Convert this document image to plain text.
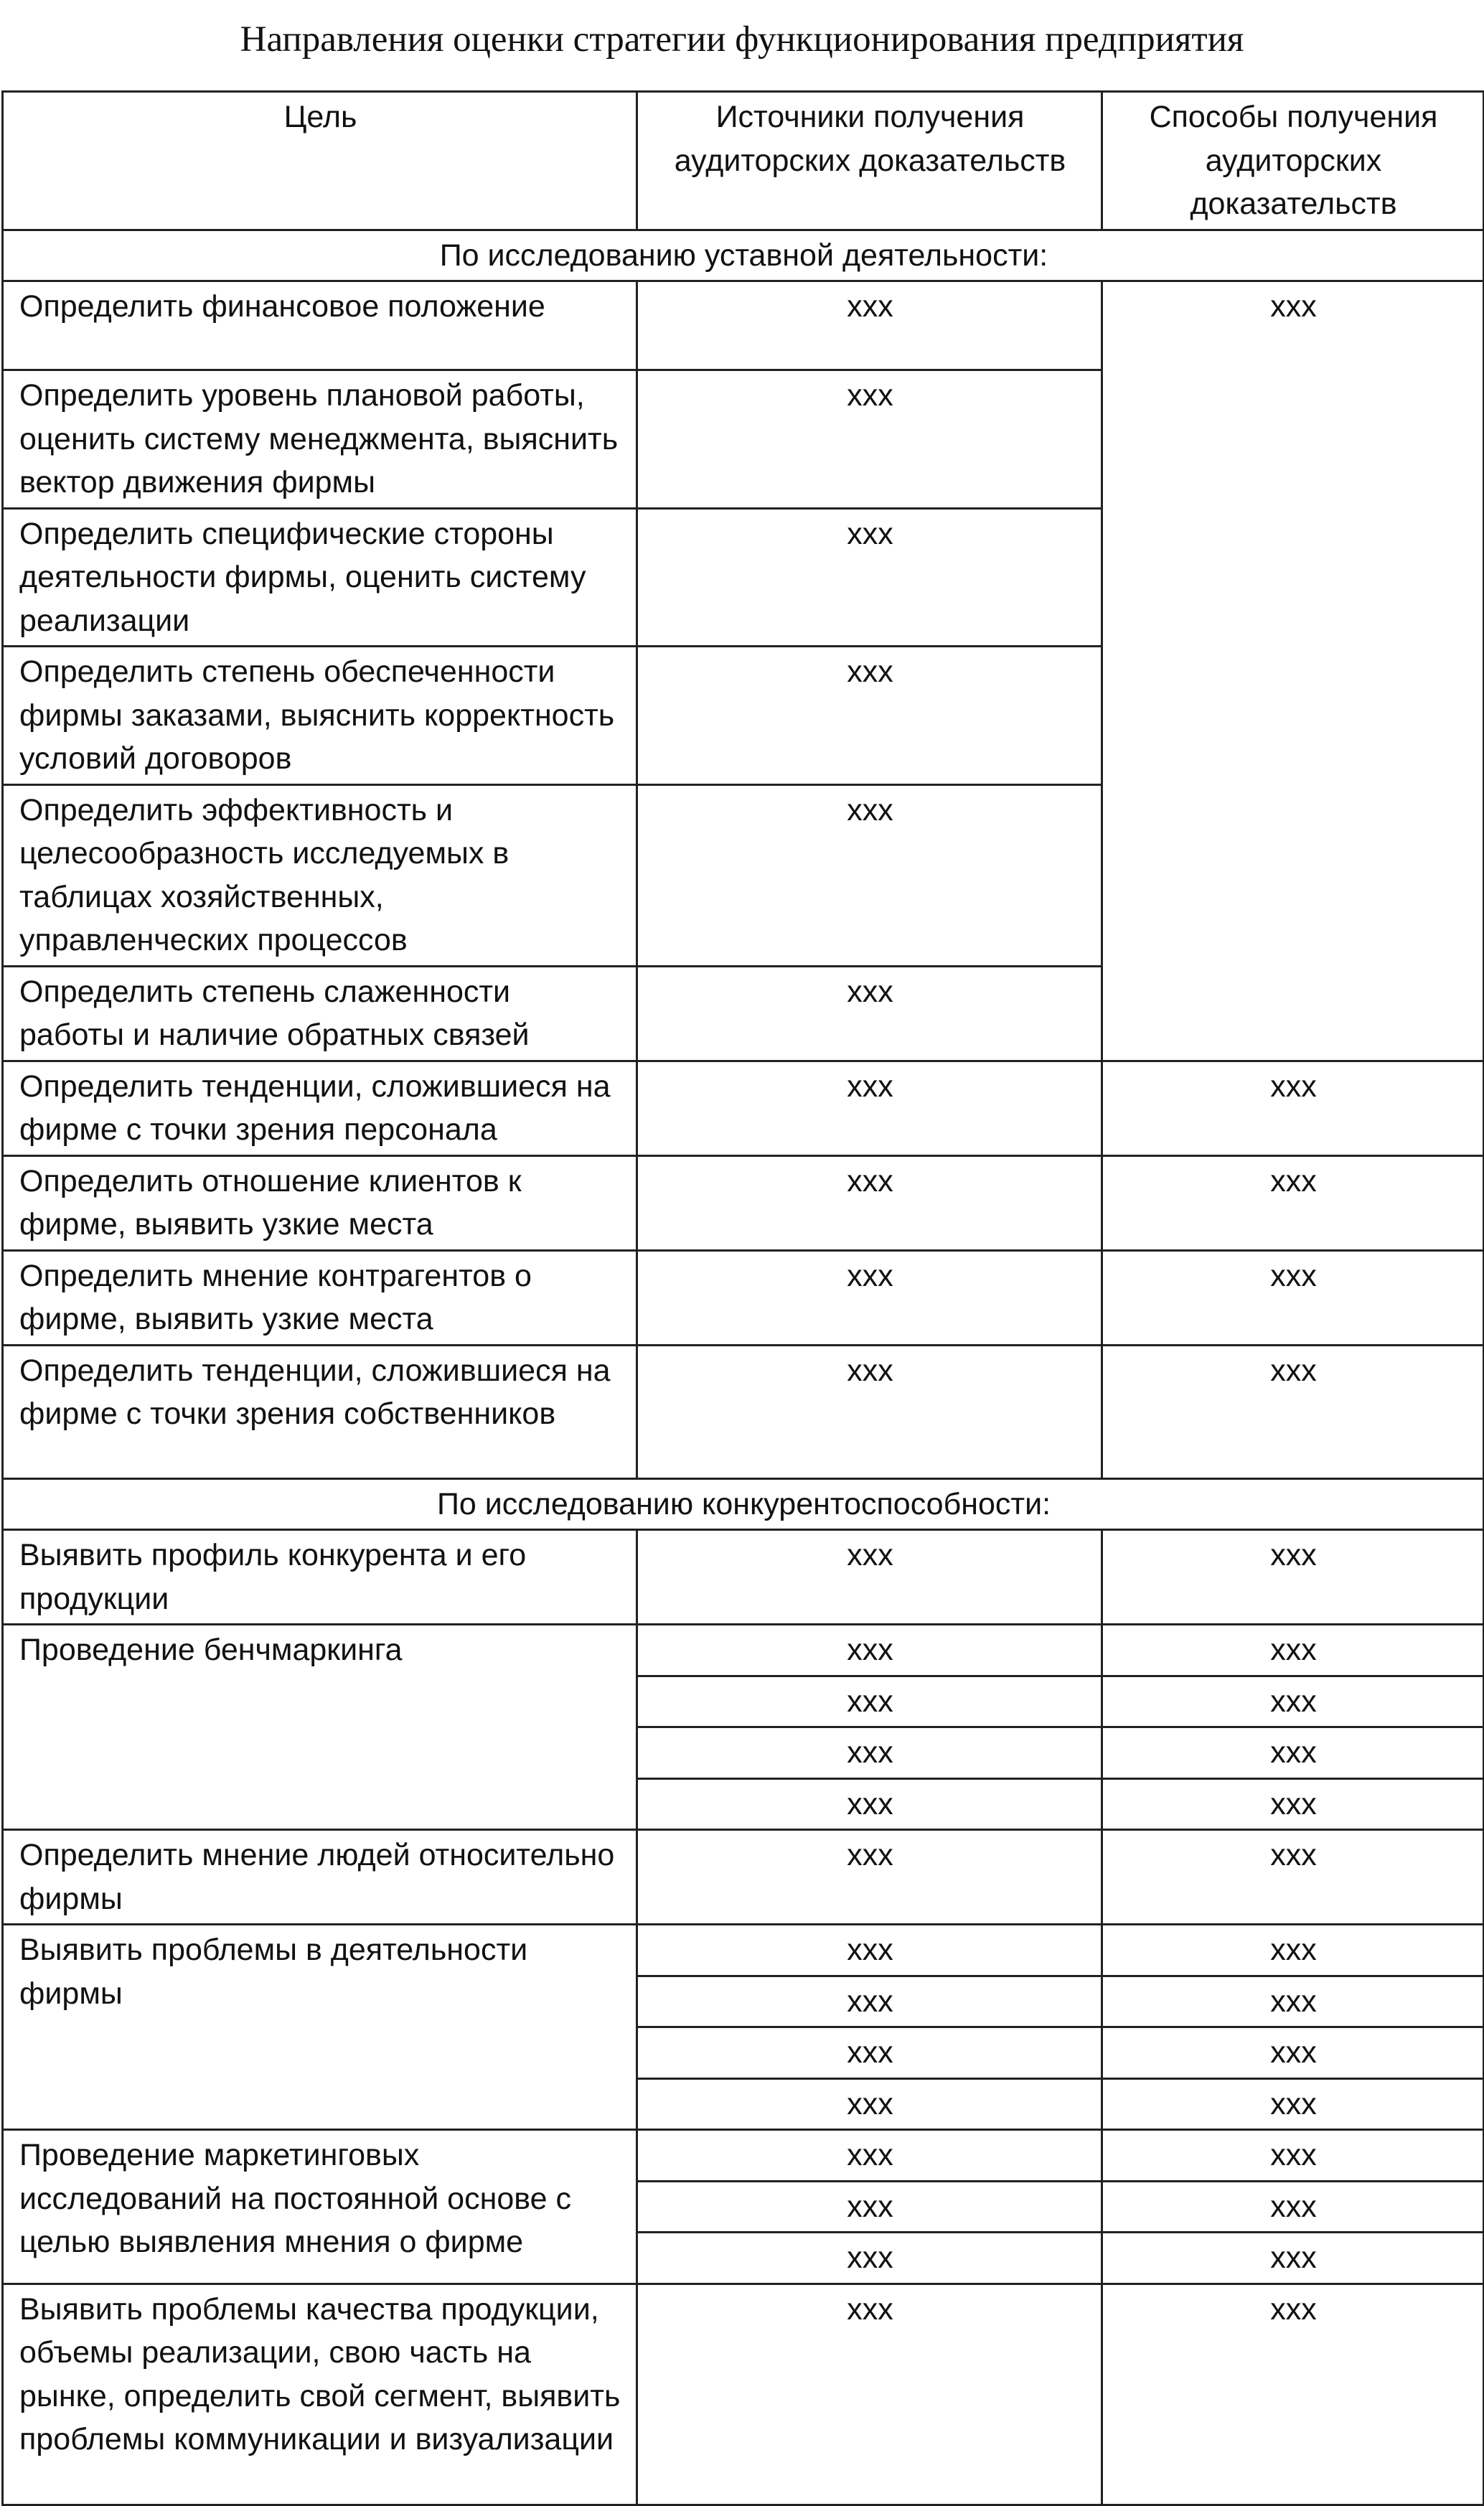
Направления оценки стратегии функционирования предприятия
Цель	Источники получения аудиторских доказательств	Способы получения аудиторских доказательств
По исследованию уставной деятельности:		
Определить финансовое положение	ххх	ххх
Определить уровень плановой работы, оценить систему менеджмента, выяснить вектор движения фирмы	ххх	
Определить специфические стороны деятельности фирмы, оценить систему реализации	ххх	
Определить степень обеспеченности фирмы заказами, выяснить корректность условий договоров	ххх	
Определить эффективность и целесообразность исследуемых в таблицах хозяйственных, управленческих процессов	ххх	
Определить степень слаженности работы и наличие обратных связей	ххх	
Определить тенденции, сложившиеся на фирме с точки зрения персонала	ххх	ххх
Определить отношение клиентов к фирме, выявить узкие места	ххх	ххх
Определить мнение контрагентов о фирме, выявить узкие места	ххх	ххх
Определить тенденции, сложившиеся на фирме с точки зрения собственников	ххх	ххх
По исследованию конкурентоспособности:		
Выявить профиль конкурента и его продукции	ххх	ххх
Проведение бенчмаркинга	ххх	ххх
	ххх	ххх
	ххх	ххх
	ххх	ххх
Определить мнение людей относительно фирмы	ххх	ххх
Выявить проблемы в деятельности фирмы	ххх	ххх
	ххх	ххх
	ххх	ххх
	ххх	ххх
Проведение маркетинговых исследований на постоянной основе с целью выявления мнения о фирме	ххх	ххх
	ххх	ххх
	ххх	ххх
Выявить проблемы качества продукции, объемы реализации, свою часть на рынке, определить свой сегмент, выявить проблемы коммуникации и визуализации	ххх	ххх
